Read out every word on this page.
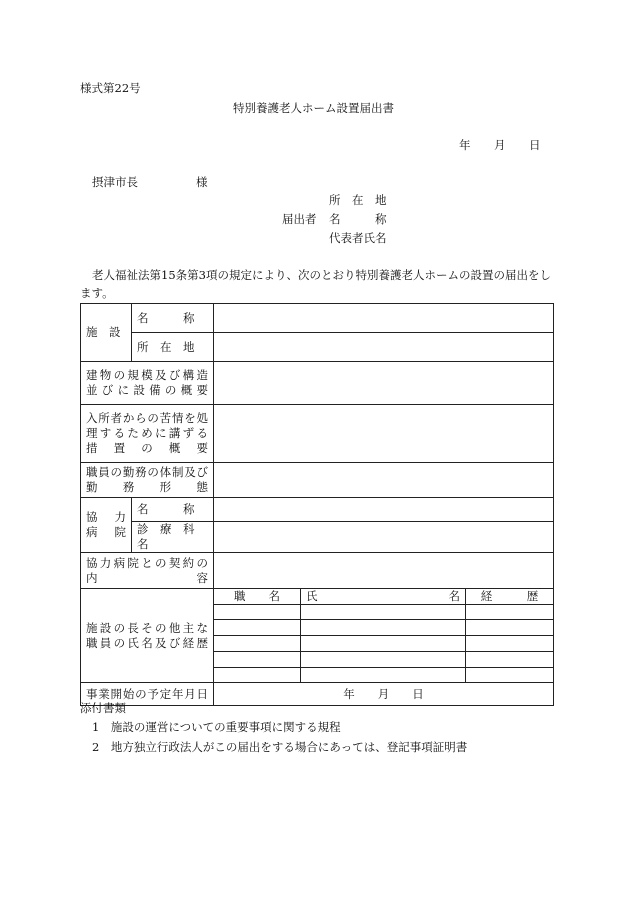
様式第22号
特別養護老人ホーム設置届出書
年 月 日
摂津市長	様
所　在　地
届出者 名　　　称
代表者氏名
老人福祉法第15条第3項の規定により、次のとおり特別養護老人ホームの設置の届出をし
ます。
施　設	名　　　称			
	所　在　地			

建物の規模及び構造
並びに設備の概要				

入所者からの苦情を処
理するために講ずる
措　置　の　概　要				

職員の勤務の体制及び
勤　務　形　態				

協　力
病　院	名　　　称			
	診　療　科　名			

協力病院との契約の
内　　　　　　容				

施設の長その他主な
職員の氏名及び経歴		職　　名	氏 名	経　　　歴

事業開始の予定年月日		年　　月　　日		
添付書類
1　施設の運営についての重要事項に関する規程
2　地方独立行政法人がこの届出をする場合にあっては、登記事項証明書
